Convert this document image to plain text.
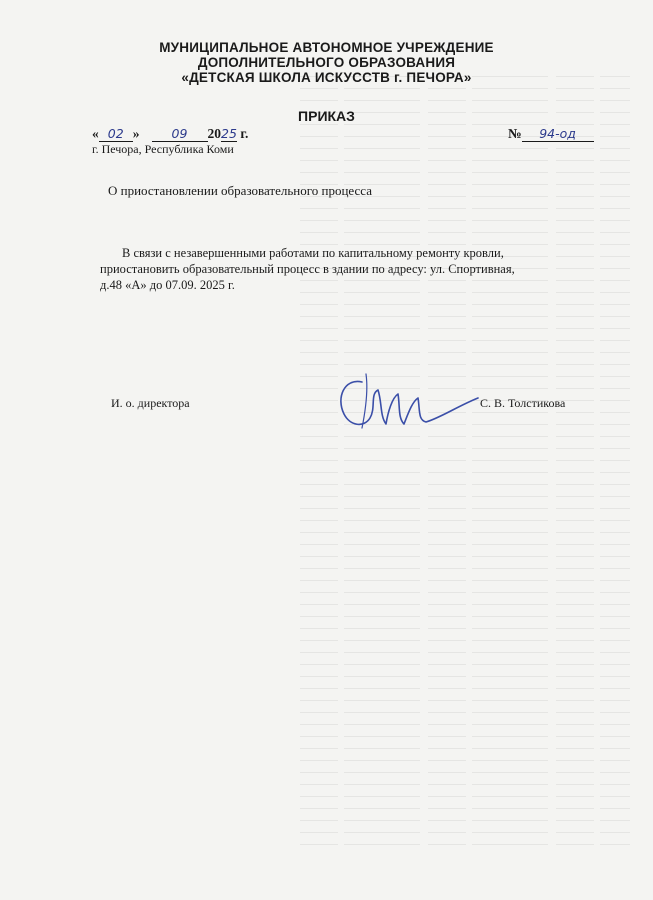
МУНИЦИПАЛЬНОЕ АВТОНОМНОЕ УЧРЕЖДЕНИЕ
ДОПОЛНИТЕЛЬНОГО ОБРАЗОВАНИЯ
«ДЕТСКАЯ ШКОЛА ИСКУССТВ г. ПЕЧОРА»
ПРИКАЗ
« 02 »	09 2025 г.	№ 94-од
г. Печора, Республика Коми
О приостановлении образовательного процесса
В связи с незавершенными работами по капитальному ремонту кровли,
приостановить образовательный процесс в здании по адресу: ул. Спортивная,
д.48 «А» до 07.09. 2025 г.
И. о. директора	С. В. Толстикова
